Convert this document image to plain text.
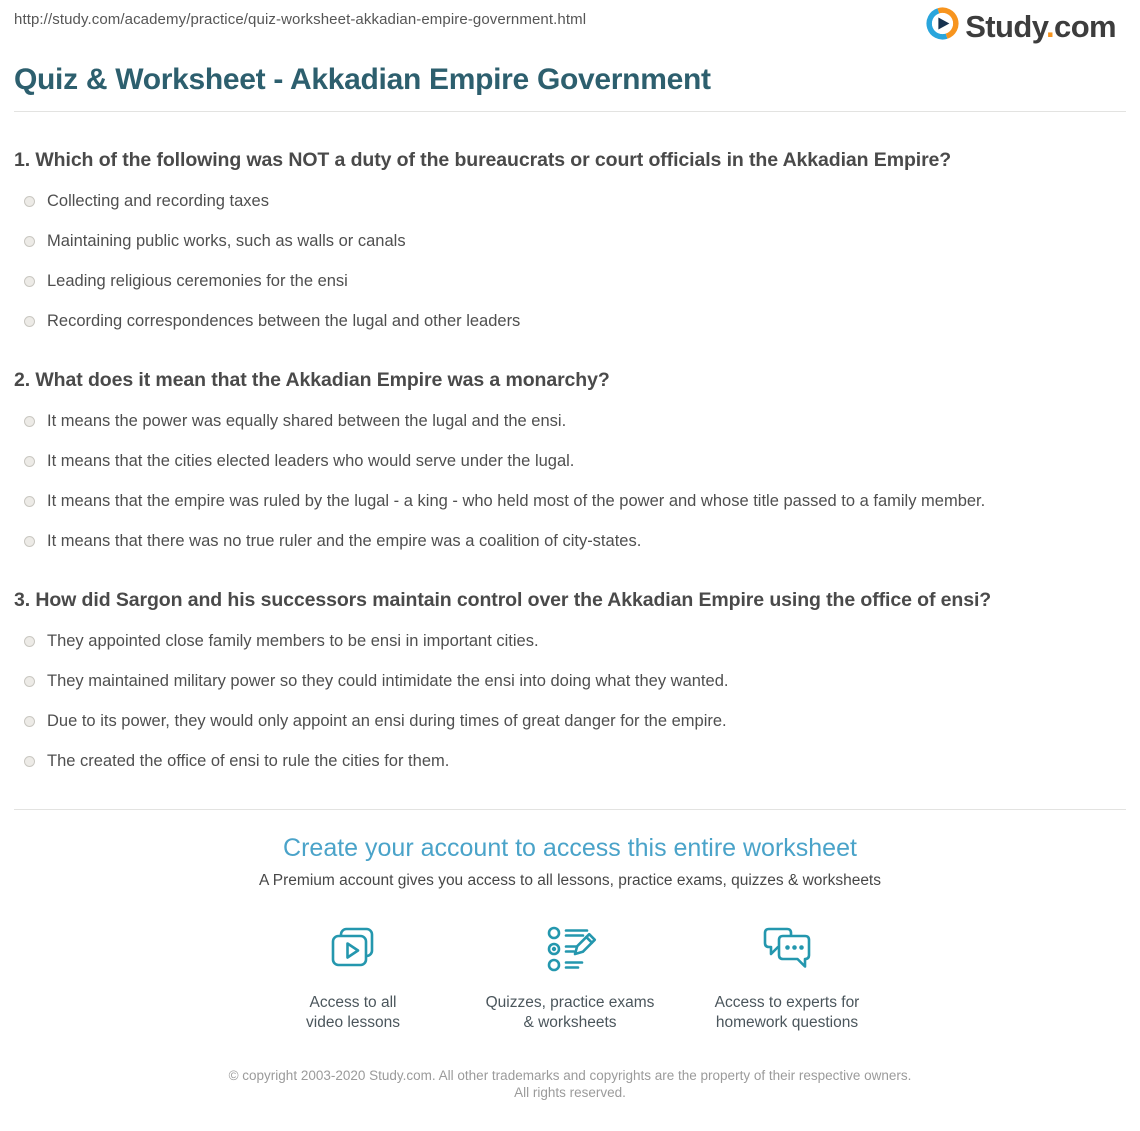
http://study.com/academy/practice/quiz-worksheet-akkadian-empire-government.html	Study.com
Quiz & Worksheet - Akkadian Empire Government

1. Which of the following was NOT a duty of the bureaucrats or court officials in the Akkadian Empire?

Collecting and recording taxes
Maintaining public works, such as walls or canals
Leading religious ceremonies for the ensi
Recording correspondences between the lugal and other leaders

2. What does it mean that the Akkadian Empire was a monarchy?

It means the power was equally shared between the lugal and the ensi.
It means that the cities elected leaders who would serve under the lugal.
It means that the empire was ruled by the lugal - a king - who held most of the power and whose title passed to a family member.
It means that there was no true ruler and the empire was a coalition of city-states.

3. How did Sargon and his successors maintain control over the Akkadian Empire using the office of ensi?

They appointed close family members to be ensi in important cities.
They maintained military power so they could intimidate the ensi into doing what they wanted.
Due to its power, they would only appoint an ensi during times of great danger for the empire.
The created the office of ensi to rule the cities for them.
Create your account to access this entire worksheet

A Premium account gives you access to all lessons, practice exams, quizzes & worksheets

Access to all
video lessons
Quizzes, practice exams
& worksheets
Access to experts for
homework questions
© copyright 2003-2020 Study.com. All other trademarks and copyrights are the property of their respective owners. All rights reserved.
